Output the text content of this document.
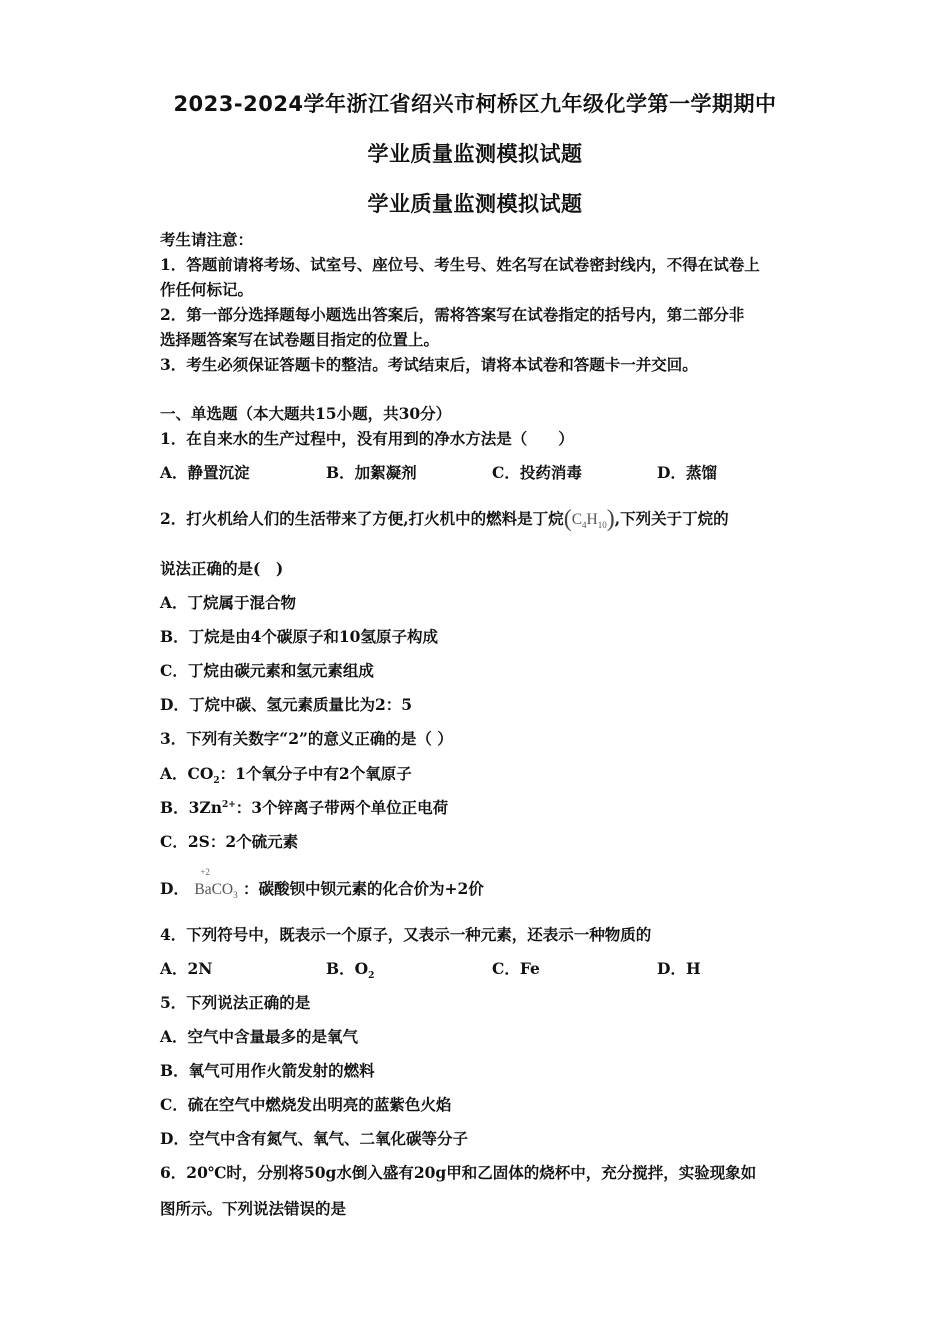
2023-2024学年浙江省绍兴市柯桥区九年级化学第一学期期中
学业质量监测模拟试题
学业质量监测模拟试题
考生请注意：
1．答题前请将考场、试室号、座位号、考生号、姓名写在试卷密封线内，不得在试卷上
作任何标记。
2．第一部分选择题每小题选出答案后，需将答案写在试卷指定的括号内，第二部分非
选择题答案写在试卷题目指定的位置上。
3．考生必须保证答题卡的整洁。考试结束后，请将本试卷和答题卡一并交回。
一、单选题（本大题共15小题，共30分）
1．在自来水的生产过程中，没有用到的净水方法是（　　）
A．静置沉淀	B．加絮凝剂	C．投药消毒	D．蒸馏
2．打火机给人们的生活带来了方便,打火机中的燃料是丁烷$(C_4H_{10})$,下列关于丁烷的
说法正确的是(　)
A．丁烷属于混合物
B．丁烷是由4个碳原子和10氢原子构成
C．丁烷由碳元素和氢元素组成
D．丁烷中碳、氢元素质量比为2：5
3．下列有关数字“2”的意义正确的是（ ）
A．$CO_2$：1个氧分子中有2个氧原子
B．$3Zn^{2+}$：3个锌离子带两个单位正电荷
C．2S：2个硫元素
D．
+2
BaCO$_3$ ：碳酸钡中钡元素的化合价为+2价
4．下列符号中，既表示一个原子，又表示一种元素，还表示一种物质的
A．2N	B．$O_2$	C．Fe	D．H
5．下列说法正确的是
A．空气中含量最多的是氧气
B．氧气可用作火箭发射的燃料
C．硫在空气中燃烧发出明亮的蓝紫色火焰
D．空气中含有氮气、氧气、二氧化碳等分子
6．20℃时，分别将50g水倒入盛有20g甲和乙固体的烧杯中，充分搅拌，实验现象如
图所示。下列说法错误的是
